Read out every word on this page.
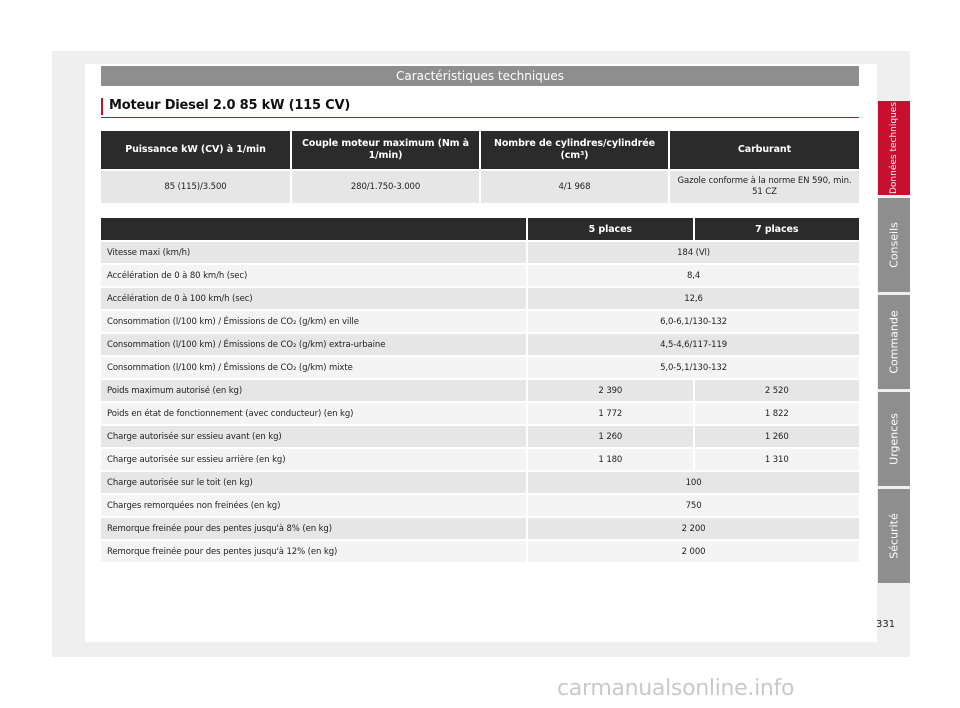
Caractéristiques techniques
Moteur Diesel 2.0 85 kW (115 CV)
Puissance kW (CV) à 1/min	Couple moteur maximum (Nm à 1/min)	Nombre de cylindres/cylindrée (cm³)	Carburant
85 (115)/3.500	280/1.750-3.000	4/1 968	Gazole conforme à la norme EN 590, min. 51 CZ
	5 places	7 places
Vitesse maxi (km/h)	184 (Vl)	
Accélération de 0 à 80 km/h (sec)	8,4	
Accélération de 0 à 100 km/h (sec)	12,6	
Consommation (l/100 km) / Émissions de CO₂ (g/km) en ville	6,0-6,1/130-132	
Consommation (l/100 km) / Émissions de CO₂ (g/km) extra-urbaine	4,5-4,6/117-119	
Consommation (l/100 km) / Émissions de CO₂ (g/km) mixte	5,0-5,1/130-132	
Poids maximum autorisé (en kg)	2 390	2 520
Poids en état de fonctionnement (avec conducteur) (en kg)	1 772	1 822
Charge autorisée sur essieu avant (en kg)	1 260	1 260
Charge autorisée sur essieu arrière (en kg)	1 180	1 310
Charge autorisée sur le toit (en kg)	100	
Charges remorquées non freinées (en kg)	750	
Remorque freinée pour des pentes jusqu'à 8% (en kg)	2 200	
Remorque freinée pour des pentes jusqu'à 12% (en kg)	2 000	
Données techniques
Conseils
Commande
Urgences
Sécurité
331
carmanualsonline.info
